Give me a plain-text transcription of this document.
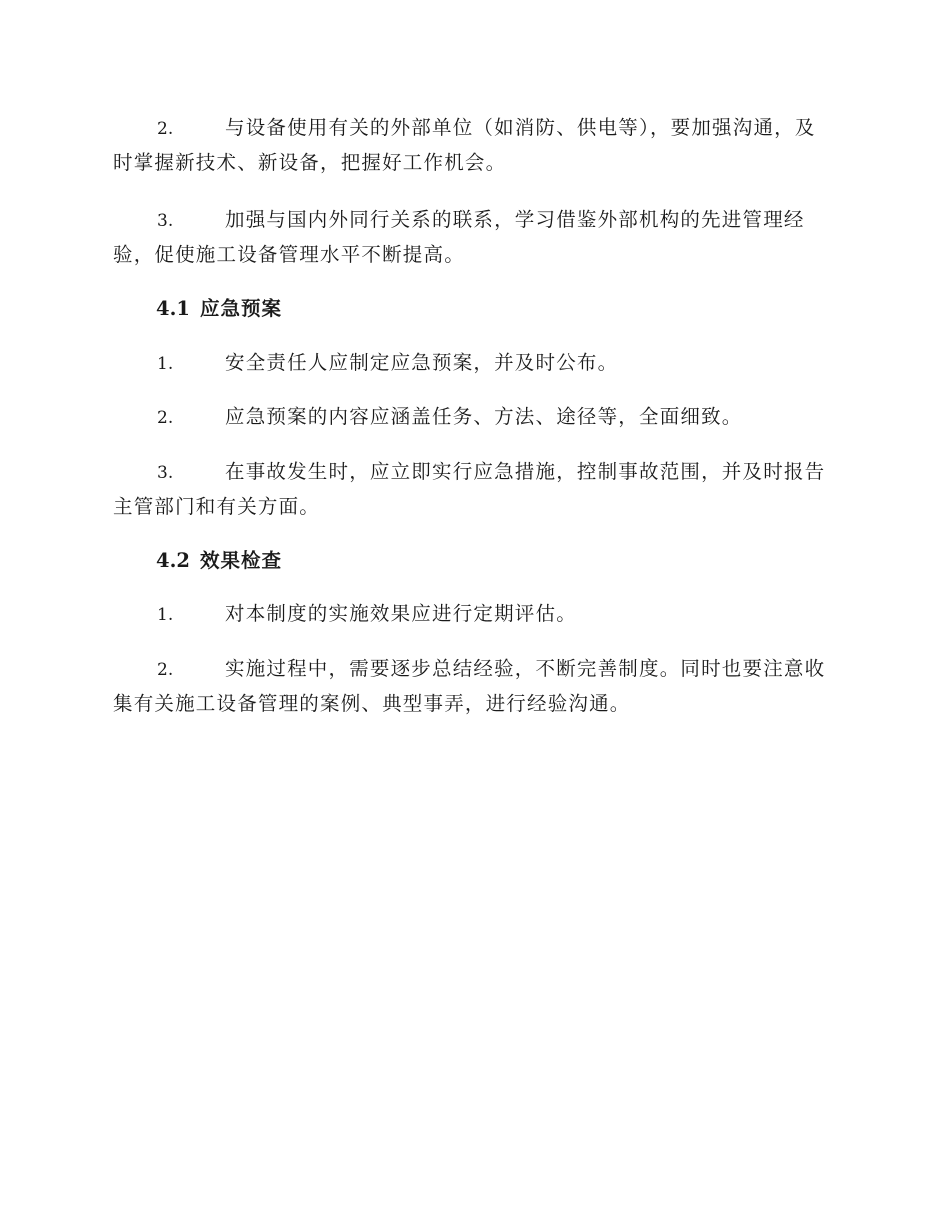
2.	与设备使用有关的外部单位（如消防、供电等），要加强沟通，及时掌握新技术、新设备，把握好工作机会。

3.	加强与国内外同行关系的联系，学习借鉴外部机构的先进管理经验，促使施工设备管理水平不断提高。

4.1 应急预案

1.	安全责任人应制定应急预案，并及时公布。

2.	应急预案的内容应涵盖任务、方法、途径等，全面细致。

3.	在事故发生时，应立即实行应急措施，控制事故范围，并及时报告主管部门和有关方面。

4.2 效果检查

1.	对本制度的实施效果应进行定期评估。

2.	实施过程中，需要逐步总结经验，不断完善制度。同时也要注意收集有关施工设备管理的案例、典型事弄，进行经验沟通。
